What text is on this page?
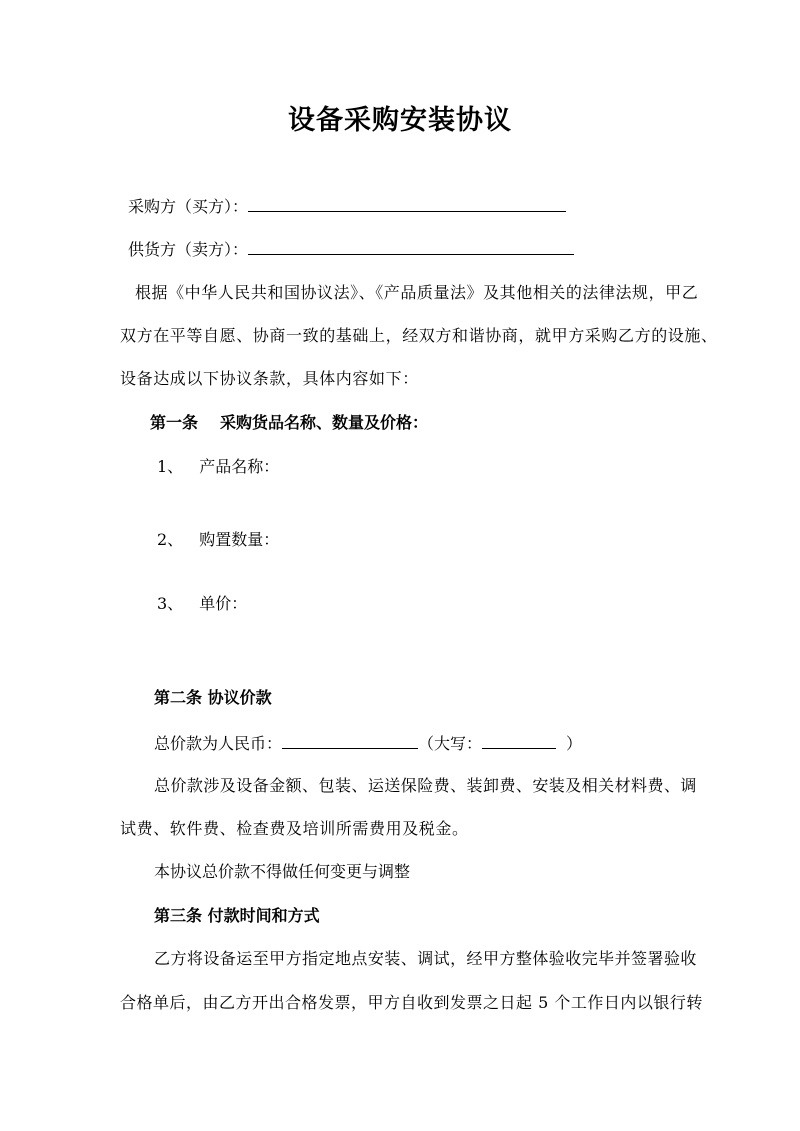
设备采购安装协议
采购方（买方）：
供货方（卖方）：
根据《中华人民共和国协议法》、《产品质量法》及其他相关的法律法规，甲乙
双方在平等自愿、协商一致的基础上，经双方和谐协商，就甲方采购乙方的设施、
设备达成以下协议条款，具体内容如下：
第一条 采购货品名称、数量及价格：
1、 产品名称：
2、 购置数量：
3、 单价：
第二条 协议价款
总价款为人民币：	（大写：	）
总价款涉及设备金额、包装、运送保险费、装卸费、安装及相关材料费、调
试费、软件费、检查费及培训所需费用及税金。
本协议总价款不得做任何变更与调整
第三条 付款时间和方式
乙方将设备运至甲方指定地点安装、调试，经甲方整体验收完毕并签署验收
合格单后，由乙方开出合格发票，甲方自收到发票之日起 5 个工作日内以银行转
